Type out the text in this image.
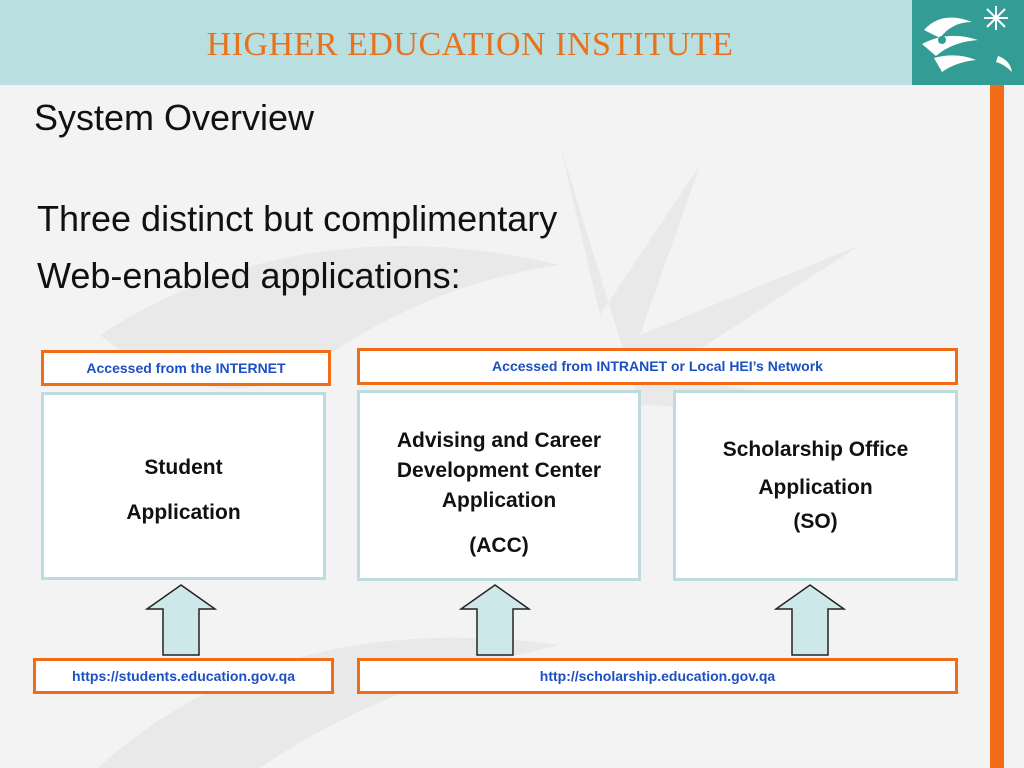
HIGHER EDUCATION INSTITUTE
System Overview
Three distinct but complimentary
Web-enabled applications:
Accessed from the INTERNET	Accessed from INTRANET or Local HEI’s Network
Student
Application
Advising and Career
Development Center
Application
(ACC)
Scholarship Office
Application
(SO)
https://students.education.gov.qa	http://scholarship.education.gov.qa
